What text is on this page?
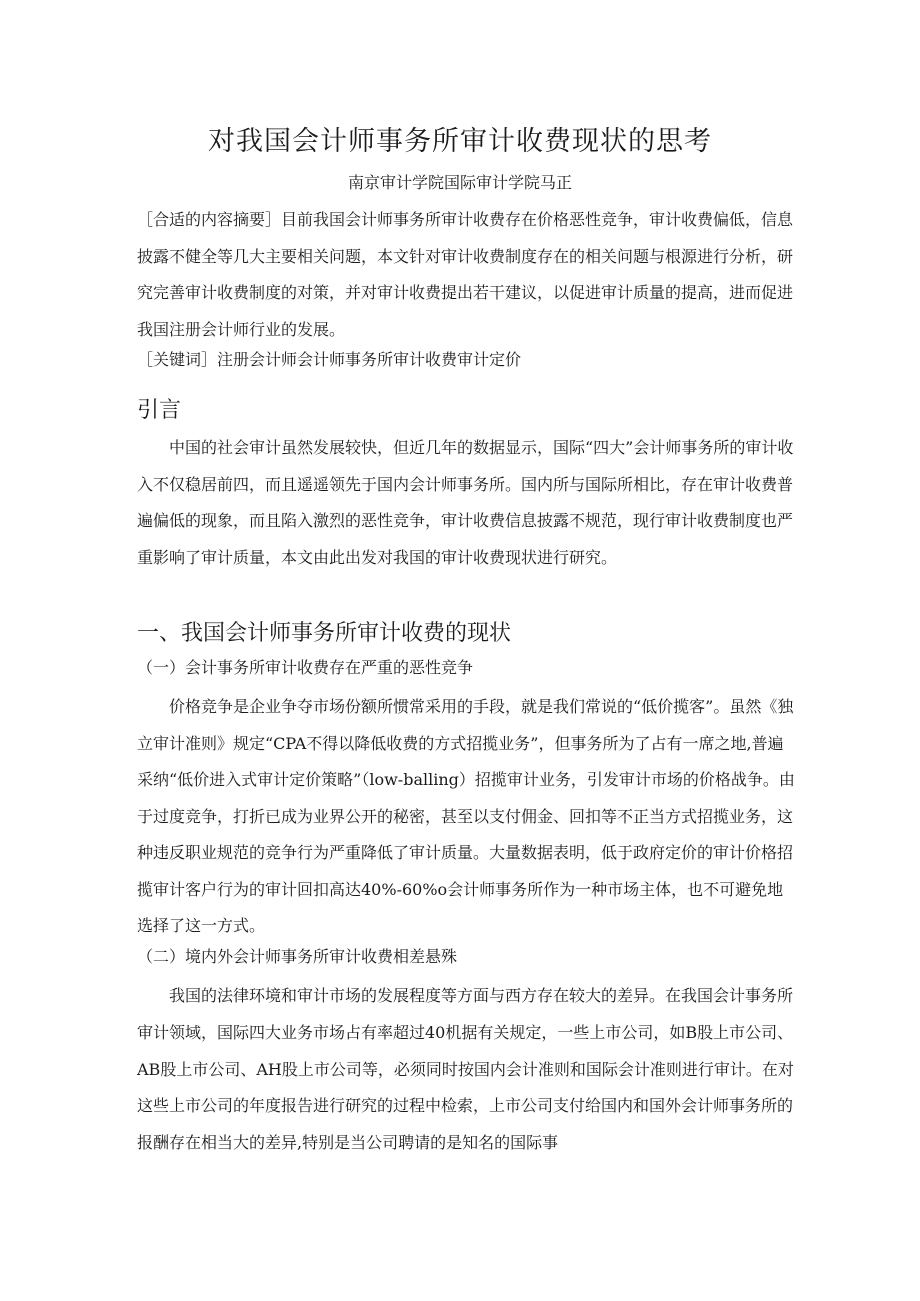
对我国会计师事务所审计收费现状的思考
南京审计学院国际审计学院马正

［合适的内容摘要］目前我国会计师事务所审计收费存在价格恶性竞争，审计收费偏低，信息披露不健全等几大主要相关问题，本文针对审计收费制度存在的相关问题与根源进行分析，研究完善审计收费制度的对策，并对审计收费提出若干建议，以促进审计质量的提高，进而促进我国注册会计师行业的发展。

［关键词］注册会计师会计师事务所审计收费审计定价

引言

中国的社会审计虽然发展较快，但近几年的数据显示，国际“四大”会计师事务所的审计收入不仅稳居前四，而且遥遥领先于国内会计师事务所。国内所与国际所相比，存在审计收费普遍偏低的现象，而且陷入激烈的恶性竞争，审计收费信息披露不规范，现行审计收费制度也严重影响了审计质量，本文由此出发对我国的审计收费现状进行研究。

一、我国会计师事务所审计收费的现状
（一）会计事务所审计收费存在严重的恶性竞争

价格竞争是企业争夺市场份额所惯常采用的手段，就是我们常说的“低价揽客”。虽然《独立审计准则》规定“CPA不得以降低收费的方式招揽业务”，但事务所为了占有一席之地,普遍采纳“低价进入式审计定价策略”（low-balling）招揽审计业务，引发审计市场的价格战争。由于过度竞争，打折已成为业界公开的秘密，甚至以支付佣金、回扣等不正当方式招揽业务，这种违反职业规范的竞争行为严重降低了审计质量。大量数据表明，低于政府定价的审计价格招揽审计客户行为的审计回扣高达40%-60%o会计师事务所作为一种市场主体，也不可避免地选择了这一方式。

（二）境内外会计师事务所审计收费相差悬殊

我国的法律环境和审计市场的发展程度等方面与西方存在较大的差异。在我国会计事务所审计领域，国际四大业务市场占有率超过40机据有关规定，一些上市公司，如B股上市公司、AB股上市公司、AH股上市公司等，必须同时按国内会计准则和国际会计准则进行审计。在对这些上市公司的年度报告进行研究的过程中检索，上市公司支付给国内和国外会计师事务所的报酬存在相当大的差异,特别是当公司聘请的是知名的国际事
